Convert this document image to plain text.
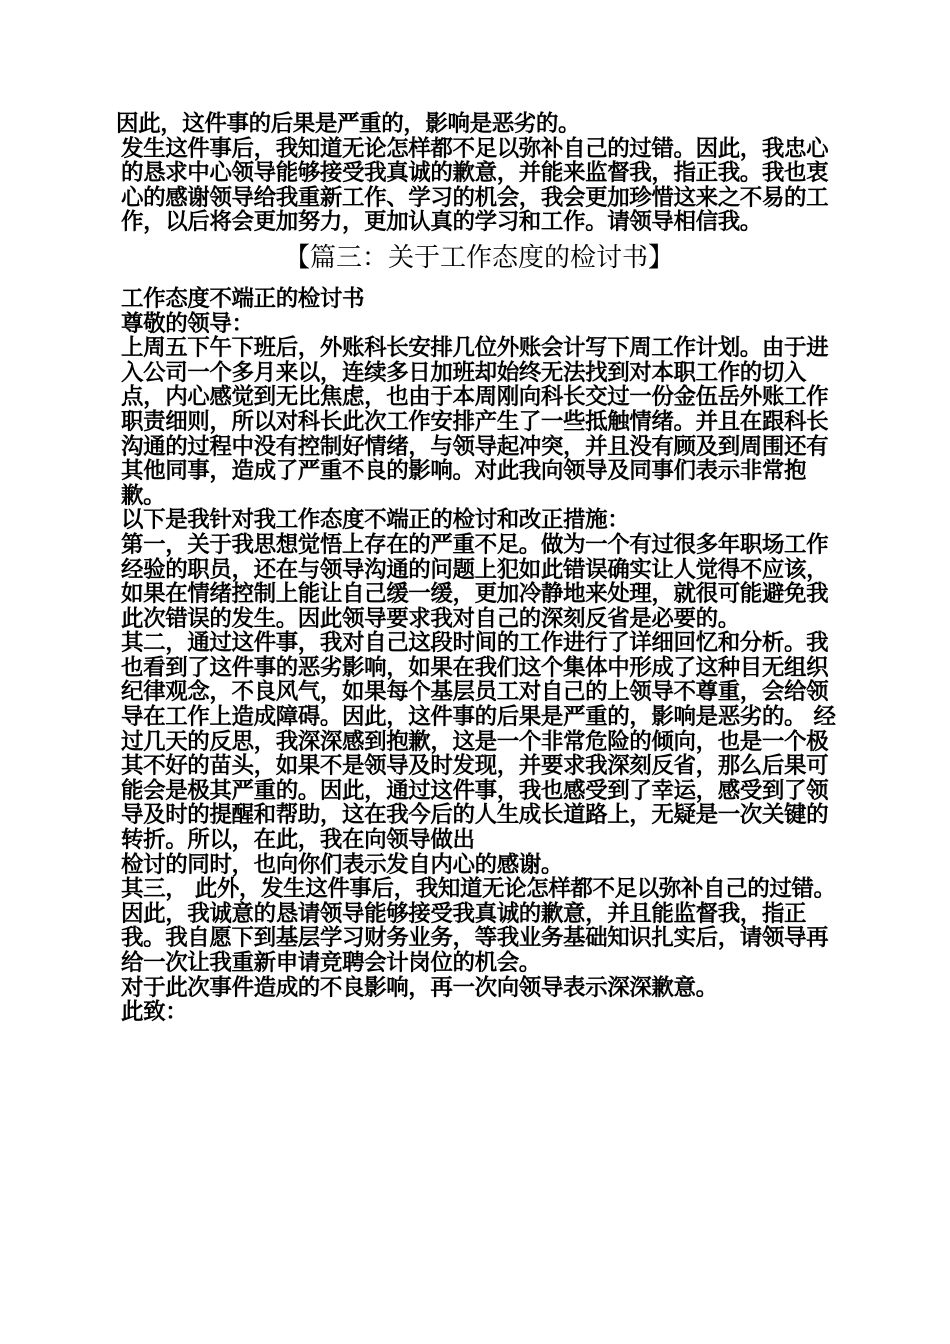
因此，这件事的后果是严重的，影响是恶劣的。

发生这件事后，我知道无论怎样都不足以弥补自己的过错。因此，我忠心的恳求中心领导能够接受我真诚的歉意，并能来监督我，指正我。我也衷心的感谢领导给我重新工作、学习的机会，我会更加珍惜这来之不易的工作，以后将会更加努力，更加认真的学习和工作。请领导相信我。

【篇三：关于工作态度的检讨书】

工作态度不端正的检讨书

尊敬的领导：

上周五下午下班后，外账科长安排几位外账会计写下周工作计划。由于进入公司一个多月来以，连续多日加班却始终无法找到对本职工作的切入点，内心感觉到无比焦虑，也由于本周刚向科长交过一份金伍岳外账工作职责细则，所以对科长此次工作安排产生了一些抵触情绪。并且在跟科长沟通的过程中没有控制好情绪，与领导起冲突，并且没有顾及到周围还有其他同事，造成了严重不良的影响。对此我向领导及同事们表示非常抱歉。

以下是我针对我工作态度不端正的检讨和改正措施：

第一，关于我思想觉悟上存在的严重不足。做为一个有过很多年职场工作经验的职员，还在与领导沟通的问题上犯如此错误确实让人觉得不应该，如果在情绪控制上能让自己缓一缓，更加冷静地来处理，就很可能避免我此次错误的发生。因此领导要求我对自己的深刻反省是必要的。

其二，通过这件事，我对自己这段时间的工作进行了详细回忆和分析。我也看到了这件事的恶劣影响，如果在我们这个集体中形成了这种目无组织纪律观念，不良风气，如果每个基层员工对自己的上领导不尊重，会给领导在工作上造成障碍。因此，这件事的后果是严重的，影响是恶劣的。 经过几天的反思，我深深感到抱歉，这是一个非常危险的倾向，也是一个极其不好的苗头，如果不是领导及时发现，并要求我深刻反省，那么后果可能会是极其严重的。因此，通过这件事，我也感受到了幸运，感受到了领导及时的提醒和帮助，这在我今后的人生成长道路上，无疑是一次关键的转折。所以，在此，我在向领导做出

检讨的同时，也向你们表示发自内心的感谢。

其三， 此外，发生这件事后，我知道无论怎样都不足以弥补自己的过错。因此，我诚意的恳请领导能够接受我真诚的歉意，并且能监督我，指正我。我自愿下到基层学习财务业务，等我业务基础知识扎实后，请领导再给一次让我重新申请竞聘会计岗位的机会。

对于此次事件造成的不良影响，再一次向领导表示深深歉意。

此致：
